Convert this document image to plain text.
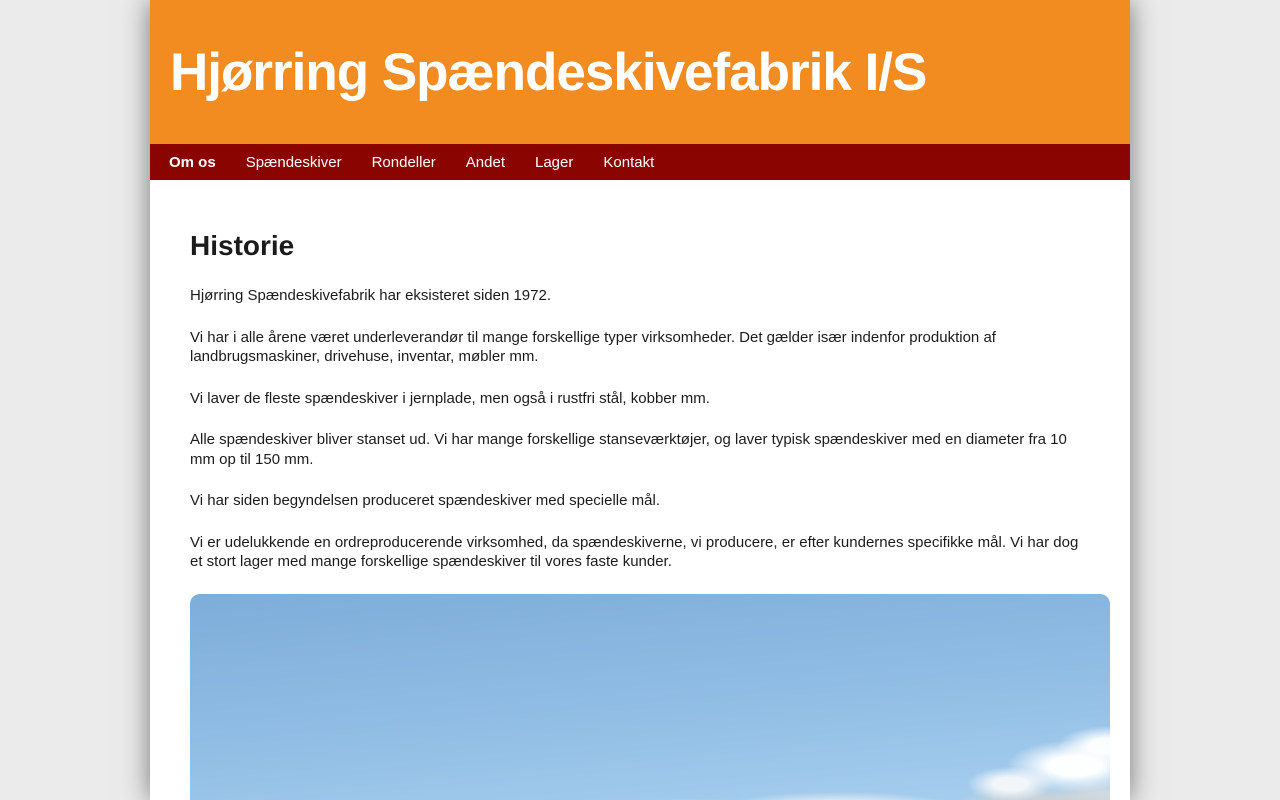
Hjørring Spændeskivefabrik I/S
Om os Spændeskiver Rondeller Andet Lager Kontakt
Historie

Hjørring Spændeskivefabrik har eksisteret siden 1972.

Vi har i alle årene været underleverandør til mange forskellige typer virksomheder. Det gælder især indenfor produktion af landbrugsmaskiner, drivehuse, inventar, møbler mm.

Vi laver de fleste spændeskiver i jernplade, men også i rustfri stål, kobber mm.

Alle spændeskiver bliver stanset ud. Vi har mange forskellige stanseværktøjer, og laver typisk spændeskiver med en diameter fra 10 mm op til 150 mm.

Vi har siden begyndelsen produceret spændeskiver med specielle mål.

Vi er udelukkende en ordreproducerende virksomhed, da spændeskiverne, vi producere, er efter kundernes specifikke mål. Vi har dog et stort lager med mange forskellige spændeskiver til vores faste kunder.
